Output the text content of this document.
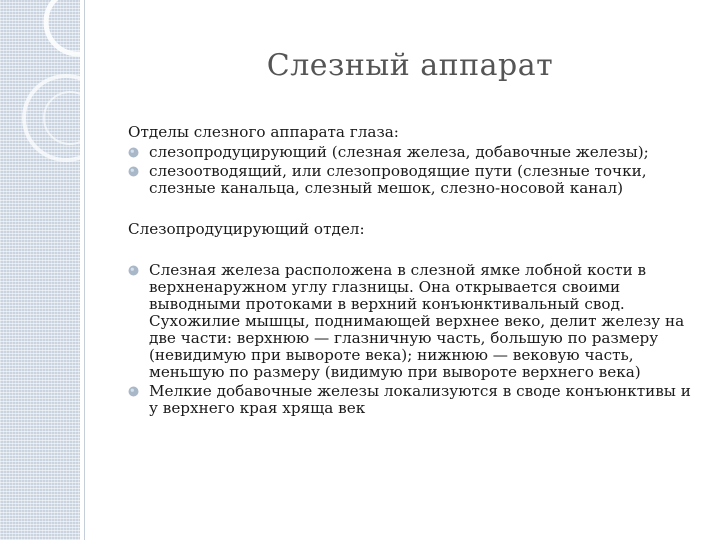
Слезный аппарат

Отделы слезного аппарата глаза:

слезопродуцирующий (слезная железа, добавочные железы);
слезоотводящий, или слезопроводящие пути (слезные точки, слезные канальца, слезный мешок, слезно-носовой канал)

Слезопродуцирующий отдел:

Слезная железа расположена в слезной ямке лобной кости в верхненаружном углу глазницы. Она открывается своими выводными протоками в верхний конъюнктивальный свод. Сухожилие мышцы, поднимающей верхнее веко, делит железу на две части: верхнюю — глазничную часть, большую по размеру (невидимую при вывороте века); нижнюю — вековую часть, меньшую по размеру (видимую при вывороте верхнего века)
Мелкие добавочные железы локализуются в своде конъюнктивы и у верхнего края хряща век
